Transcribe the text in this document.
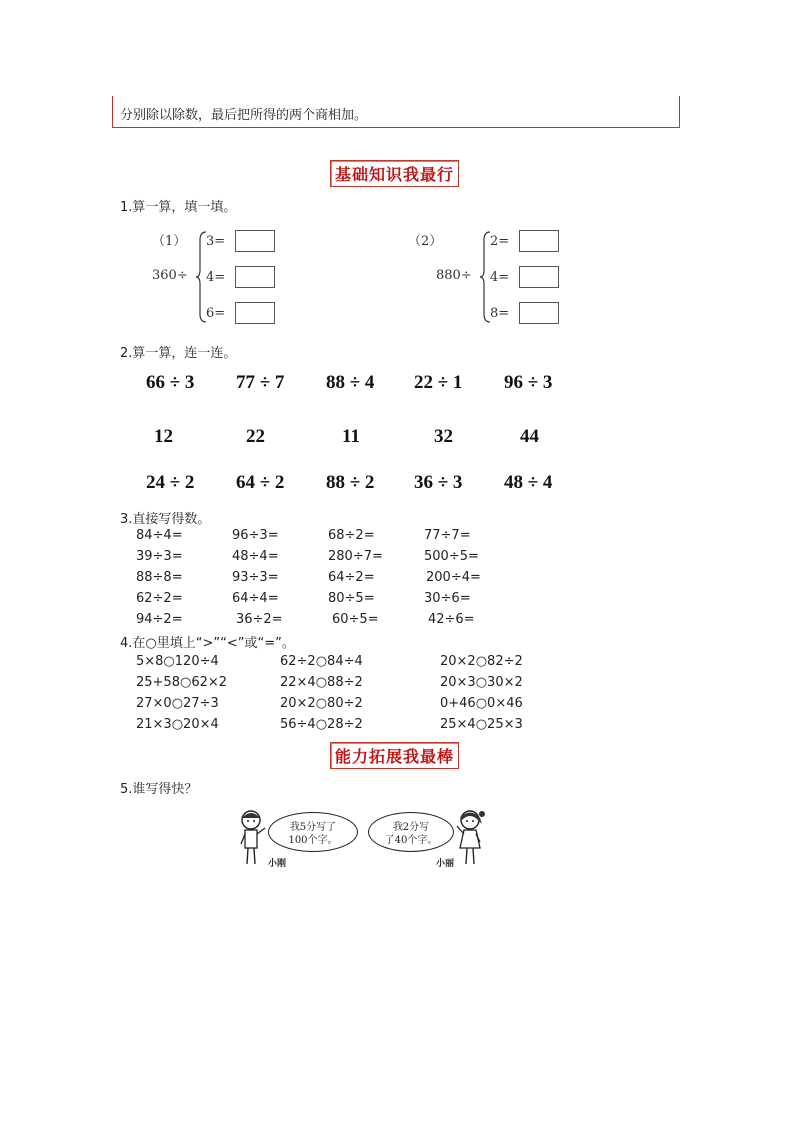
分别除以除数，最后把所得的两个商相加。
基础知识我最行
1.算一算，填一填。
（1）
360÷
3=
4=
6=
（2）
880÷
2=
4=
8=
2.算一算，连一连。
66 ÷ 3 77 ÷ 7 88 ÷ 4 22 ÷ 1 96 ÷ 3
12	22	11	32	44
24 ÷ 2 64 ÷ 2 88 ÷ 2 36 ÷ 3 48 ÷ 4
3.直接写得数。
84÷4=	96÷3=	68÷2=	77÷7=
39÷3=	48÷4=	280÷7=	500÷5=
88÷8=	93÷3=	64÷2=	200÷4=
62÷2=	64÷4=	80÷5=	30÷6=
94÷2=	36÷2=	60÷5=	42÷6=
4.在○里填上“>”“<”或“=”。
5×8○120÷4	62÷2○84÷4	20×2○82÷2
25+58○62×2	22×4○88÷2	20×3○30×2
27×0○27÷3	20×2○80÷2	0+46○0×46
21×3○20×4	56÷4○28÷2	25×4○25×3
能力拓展我最棒
5.谁写得快？
我5分写了
100个字。
小刚
我2分写
了40个字。
小丽
